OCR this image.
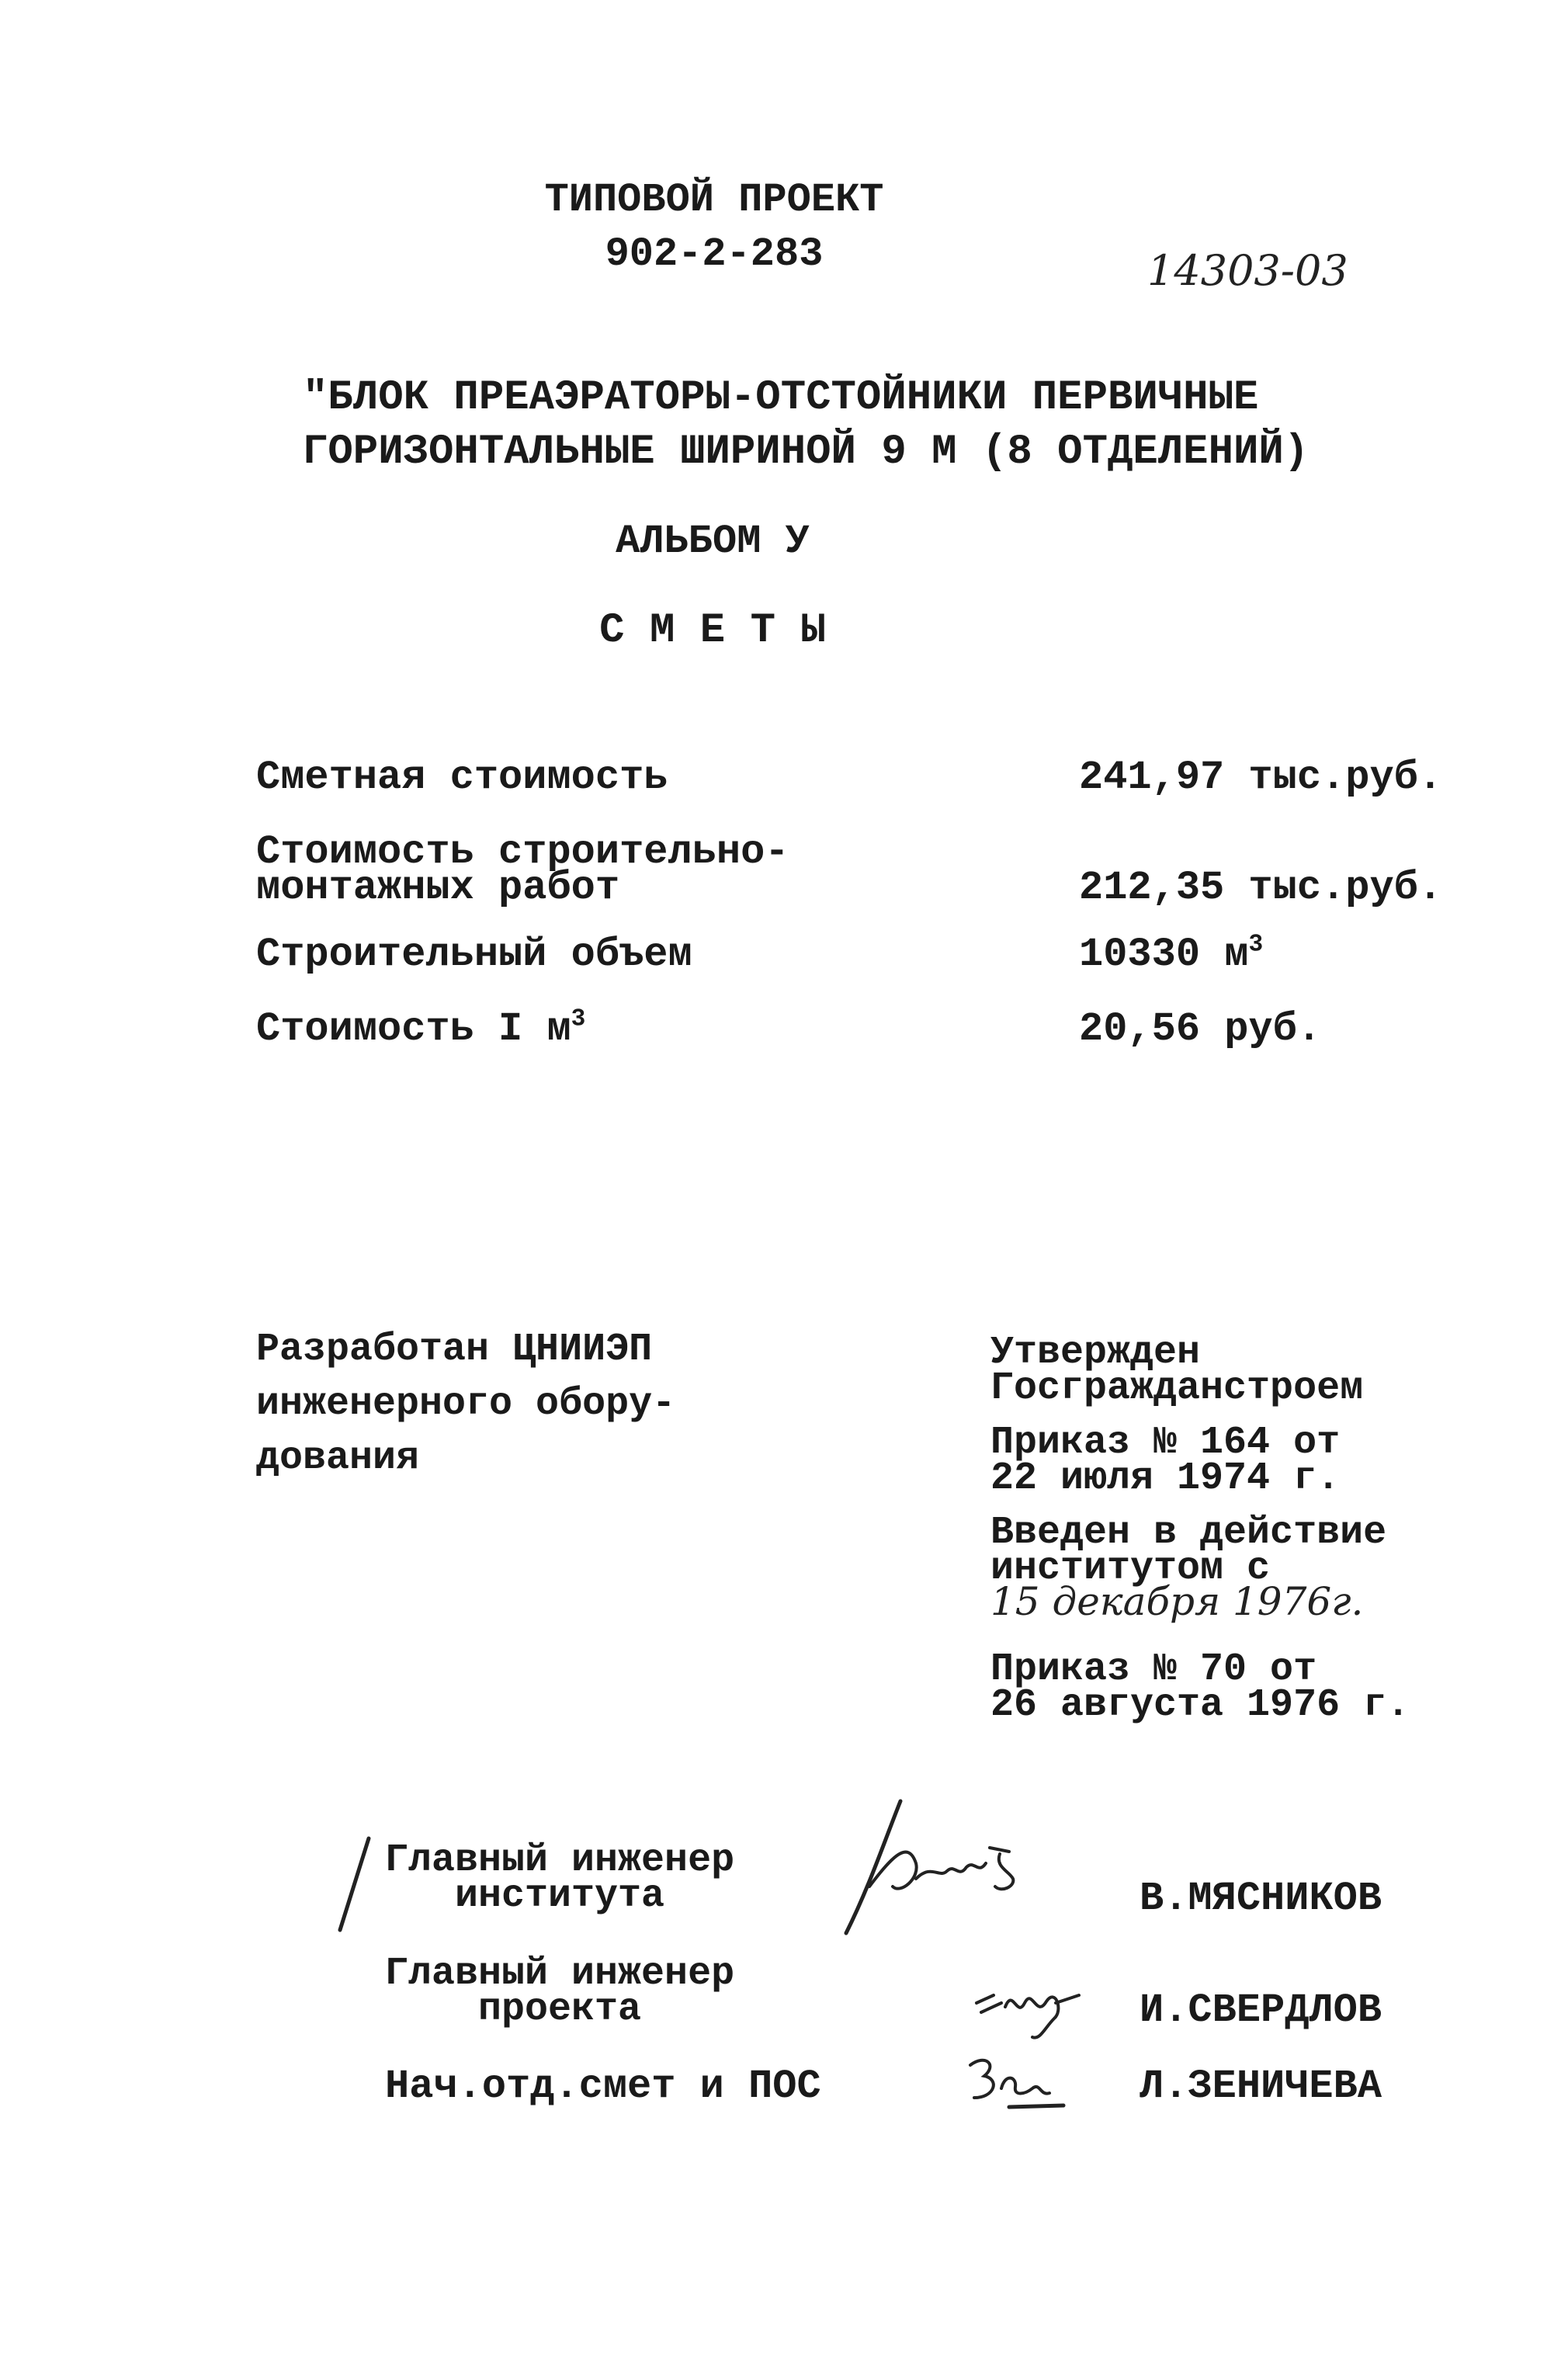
ТИПОВОЙ ПРОЕКТ
902-2-283	14303-03
"БЛОК ПРЕАЭРАТОРЫ-ОТСТОЙНИКИ ПЕРВИЧНЫЕ
ГОРИЗОНТАЛЬНЫЕ ШИРИНОЙ 9 М (8 ОТДЕЛЕНИЙ)
АЛЬБОМ У
С М Е Т Ы
Сметная стоимость	241,97 тыс.руб.
Стоимость строительно-
монтажных работ	212,35 тыс.руб.
Строительный объем	10330 $м^3$
Стоимость I $м^3$	20,56 руб.
Разработан ЦНИИЭП
инженерного обору-
дования
Утвержден
Госгражданстроем
Приказ № 164 от
22 июля 1974 г.
Введен в действие
институтом с
15 декабря 1976г.
Приказ № 70 от
26 августа 1976 г.
Главный инженер
института	В.МЯСНИКОВ
Главный инженер
проекта	И.СВЕРДЛОВ
Нач.отд.смет и ПОС	Л.ЗЕНИЧЕВА
